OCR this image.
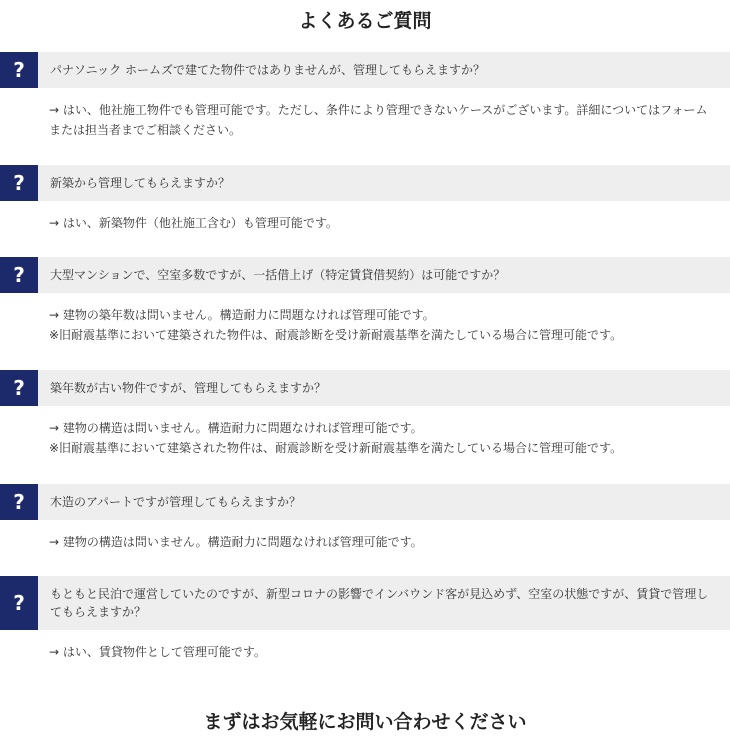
よくあるご質問
?	パナソニック ホームズで建てた物件ではありませんが、管理してもらえますか？
→ はい、他社施工物件でも管理可能です。ただし、条件により管理できないケースがございます。詳細についてはフォーム
または担当者までご相談ください。
?	新築から管理してもらえますか？
→ はい、新築物件（他社施工含む）も管理可能です。
?	大型マンションで、空室多数ですが、一括借上げ（特定賃貸借契約）は可能ですか？
→ 建物の築年数は問いません。構造耐力に問題なければ管理可能です。
※旧耐震基準において建築された物件は、耐震診断を受け新耐震基準を満たしている場合に管理可能です。
?	築年数が古い物件ですが、管理してもらえますか？
→ 建物の構造は問いません。構造耐力に問題なければ管理可能です。
※旧耐震基準において建築された物件は、耐震診断を受け新耐震基準を満たしている場合に管理可能です。
?	木造のアパートですが管理してもらえますか？
→ 建物の構造は問いません。構造耐力に問題なければ管理可能です。
?	もともと民泊で運営していたのですが、新型コロナの影響でインバウンド客が見込めず、空室の状態ですが、賃貸で管理してもらえますか？
→ はい、賃貸物件として管理可能です。
まずはお気軽にお問い合わせください
